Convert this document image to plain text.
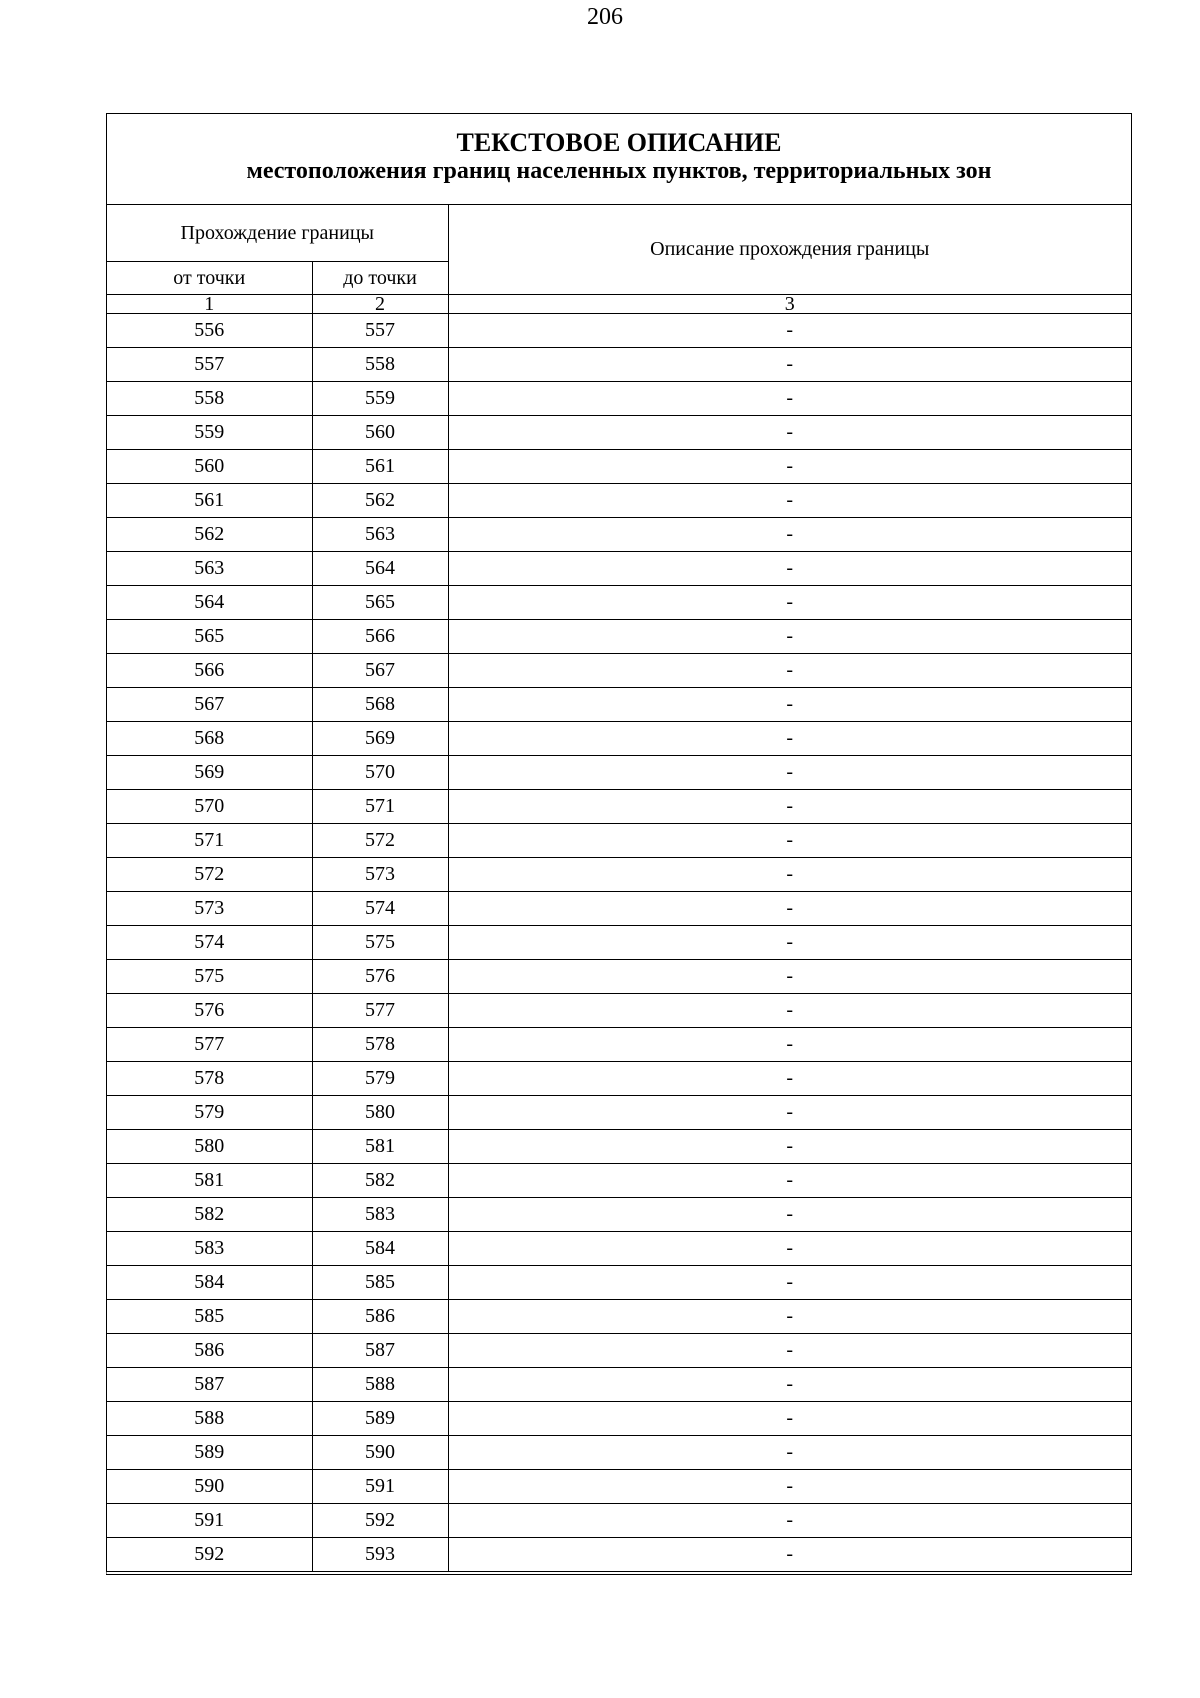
206
ТЕКСТОВОЕ ОПИСАНИЕ
местоположения границ населенных пунктов, территориальных зон
Прохождение границы		Описание прохождения границы
от точки	до точки	
1	2	3
556	557	-
557	558	-
558	559	-
559	560	-
560	561	-
561	562	-
562	563	-
563	564	-
564	565	-
565	566	-
566	567	-
567	568	-
568	569	-
569	570	-
570	571	-
571	572	-
572	573	-
573	574	-
574	575	-
575	576	-
576	577	-
577	578	-
578	579	-
579	580	-
580	581	-
581	582	-
582	583	-
583	584	-
584	585	-
585	586	-
586	587	-
587	588	-
588	589	-
589	590	-
590	591	-
591	592	-
592	593	-
